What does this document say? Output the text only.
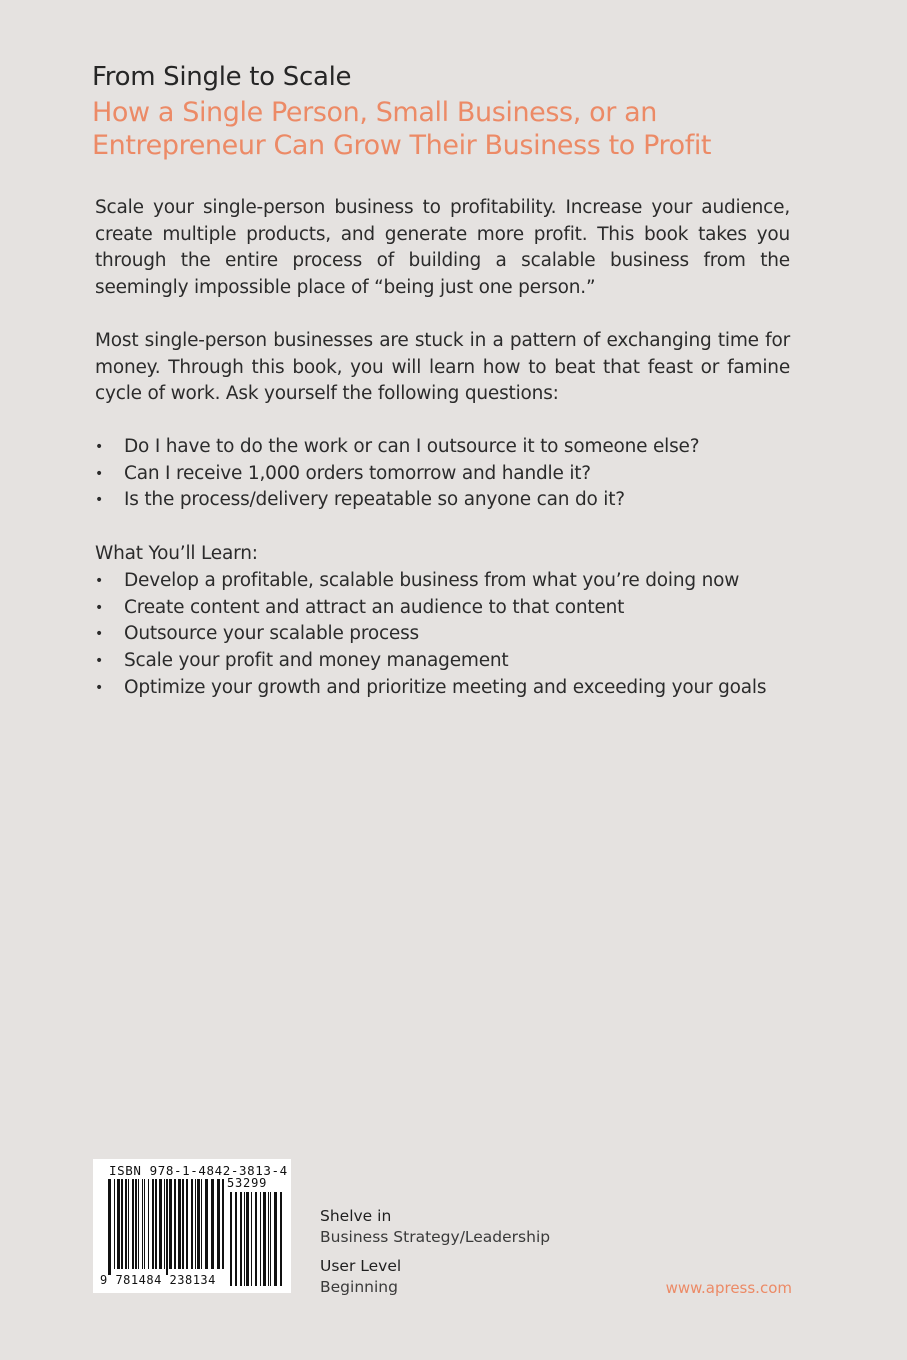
From Single to Scale
How a Single Person, Small Business, or an Entrepreneur Can Grow Their Business to Profit
Scale your single-person business to profitability. Increase your audience, create multiple products, and generate more profit. This book takes you through the entire process of building a scalable business from the seemingly impossible place of “being just one person.”
Most single-person businesses are stuck in a pattern of exchanging time for money. Through this book, you will learn how to beat that feast or famine cycle of work. Ask yourself the following questions:
• Do I have to do the work or can I outsource it to someone else?
• Can I receive 1,000 orders tomorrow and handle it?
• Is the process/delivery repeatable so anyone can do it?
What You’ll Learn:
• Develop a profitable, scalable business from what you’re doing now
• Create content and attract an audience to that content
• Outsource your scalable process
• Scale your profit and money management
• Optimize your growth and prioritize meeting and exceeding your goals
ISBN 978-1-4842-3813-4
53299
9 781484 238134
Shelve in
Business Strategy/Leadership
User Level
Beginning	www.apress.com
